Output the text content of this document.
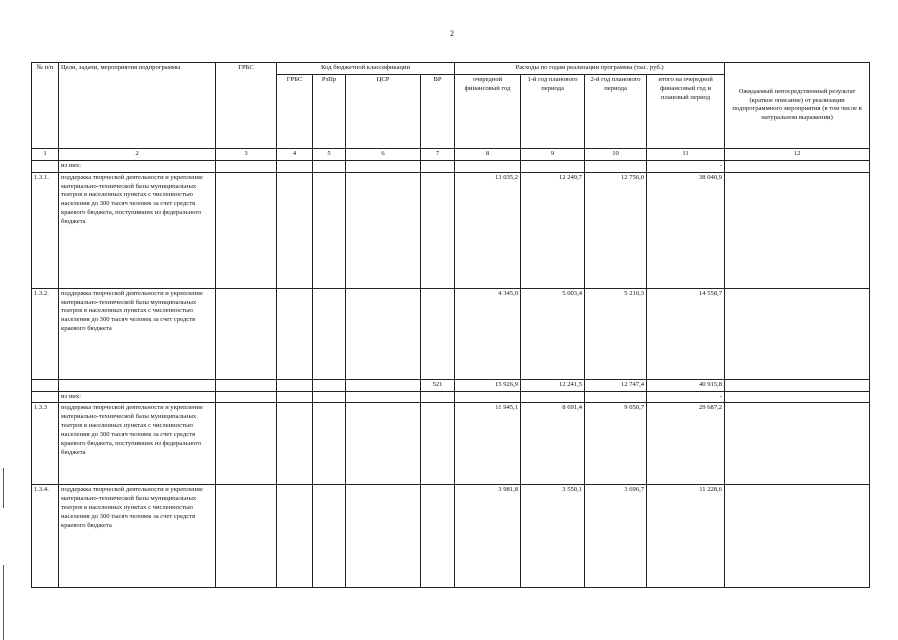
2
№ п/п	Цели, задачи, мероприятия подпрограммы	ГРБС	Код бюджетной классификации				Расходы по годам реализации программы (тыс. руб.)				Ожидаемый непосредственный результат (краткое описание) от реализации подпрограммного мероприятия (в том числе в натуральном выражении)
			ГРБС	РзПр	ЦСР	ВР	очередной финансовый год	1-й год планового периода	2-й год планового периода	итого на очередной финансовый год и плановый период	
1	2	3	4	5	6	7	8	9	10	11	12
	из них:									-	
1.3.1.	поддержка творческой деятельности и укрепление материально-технической базы муниципальных театров в населенных пунктах с численностью населения до 300 тысяч человек за счет средств краевого бюджета, поступивших из федерального бюджета						13 035,2	12 249,7	12 756,0	38 040,9	
1.3.2.	поддержка творческой деятельности и укрепление материально-технической базы муниципальных театров в населенных пунктах с численностью населения до 300 тысяч человек за счет средств краевого бюджета						4 345,0	5 003,4	5 210,3	14 558,7	
						521	15 926,9	12 241,5	12 747,4	40 915,8	
	из них:									-	
1.3.3	поддержка творческой деятельности и укрепление материально-технической базы муниципальных театров в населенных пунктах с численностью населения до 300 тысяч человек за счет средств краевого бюджета, поступивших из федерального бюджета						11 945,1	8 691,4	9 050,7	29 687,2	
1.3.4.	поддержка творческой деятельности и укрепление материально-технической базы муниципальных театров в населенных пунктах с численностью населения до 300 тысяч человек за счет средств краевого бюджета						3 981,8	3 550,1	3 696,7	11 228,6	
